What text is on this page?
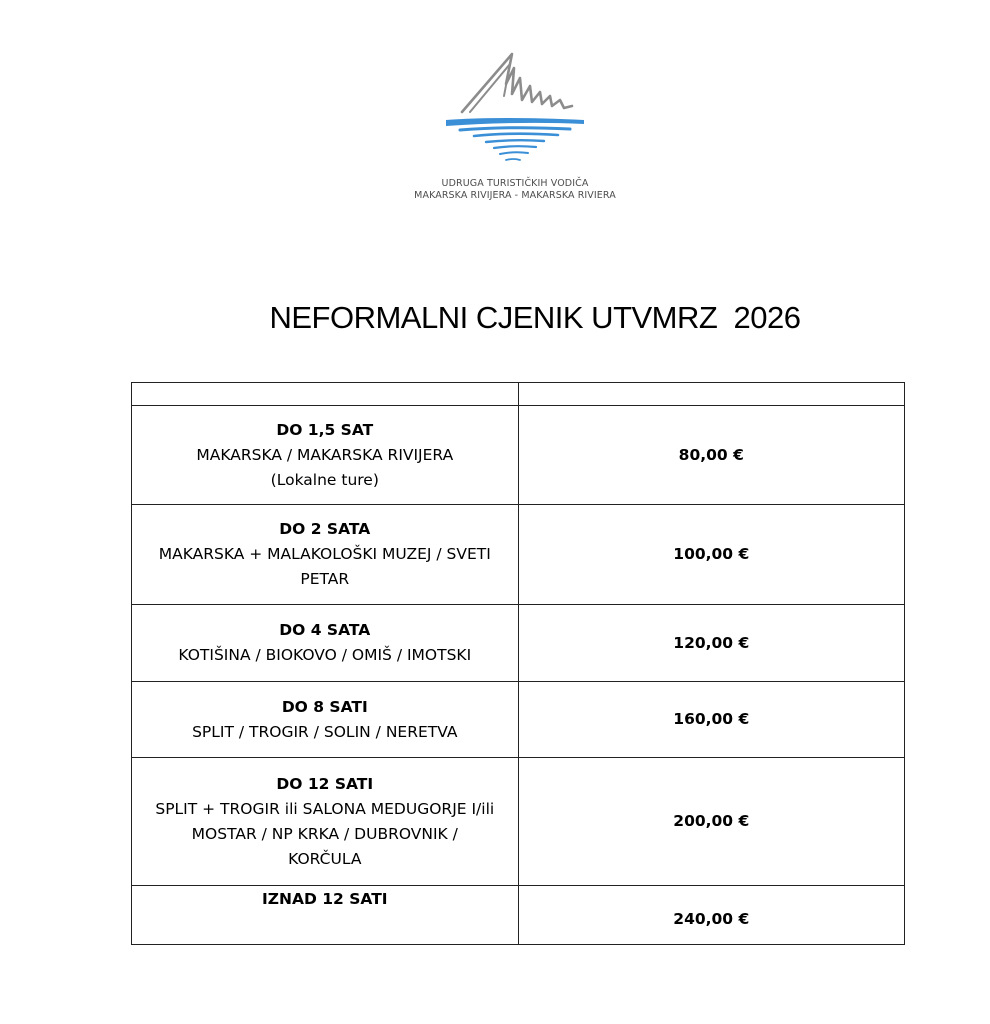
UDRUGA TURISTIČKIH VODIČA
MAKARSKA RIVIJERA - MAKARSKA RIVIERA
NEFORMALNI CJENIK UTVMRZ  2026

DO 1,5 SAT
MAKARSKA / MAKARSKA RIVIJERA
(Lokalne ture)	80,00 €

DO 2 SATA
MAKARSKA + MALAKOLOŠKI MUZEJ / SVETI
PETAR	100,00 €

DO 4 SATA
KOTIŠINA / BIOKOVO / OMIŠ / IMOTSKI	120,00 €

DO 8 SATI
SPLIT / TROGIR / SOLIN / NERETVA	160,00 €

DO 12 SATI
SPLIT + TROGIR ili SALONA MEDUGORJE I/ili
MOSTAR / NP KRKA / DUBROVNIK /
KORČULA	200,00 €

IZNAD 12 SATI	240,00 €
